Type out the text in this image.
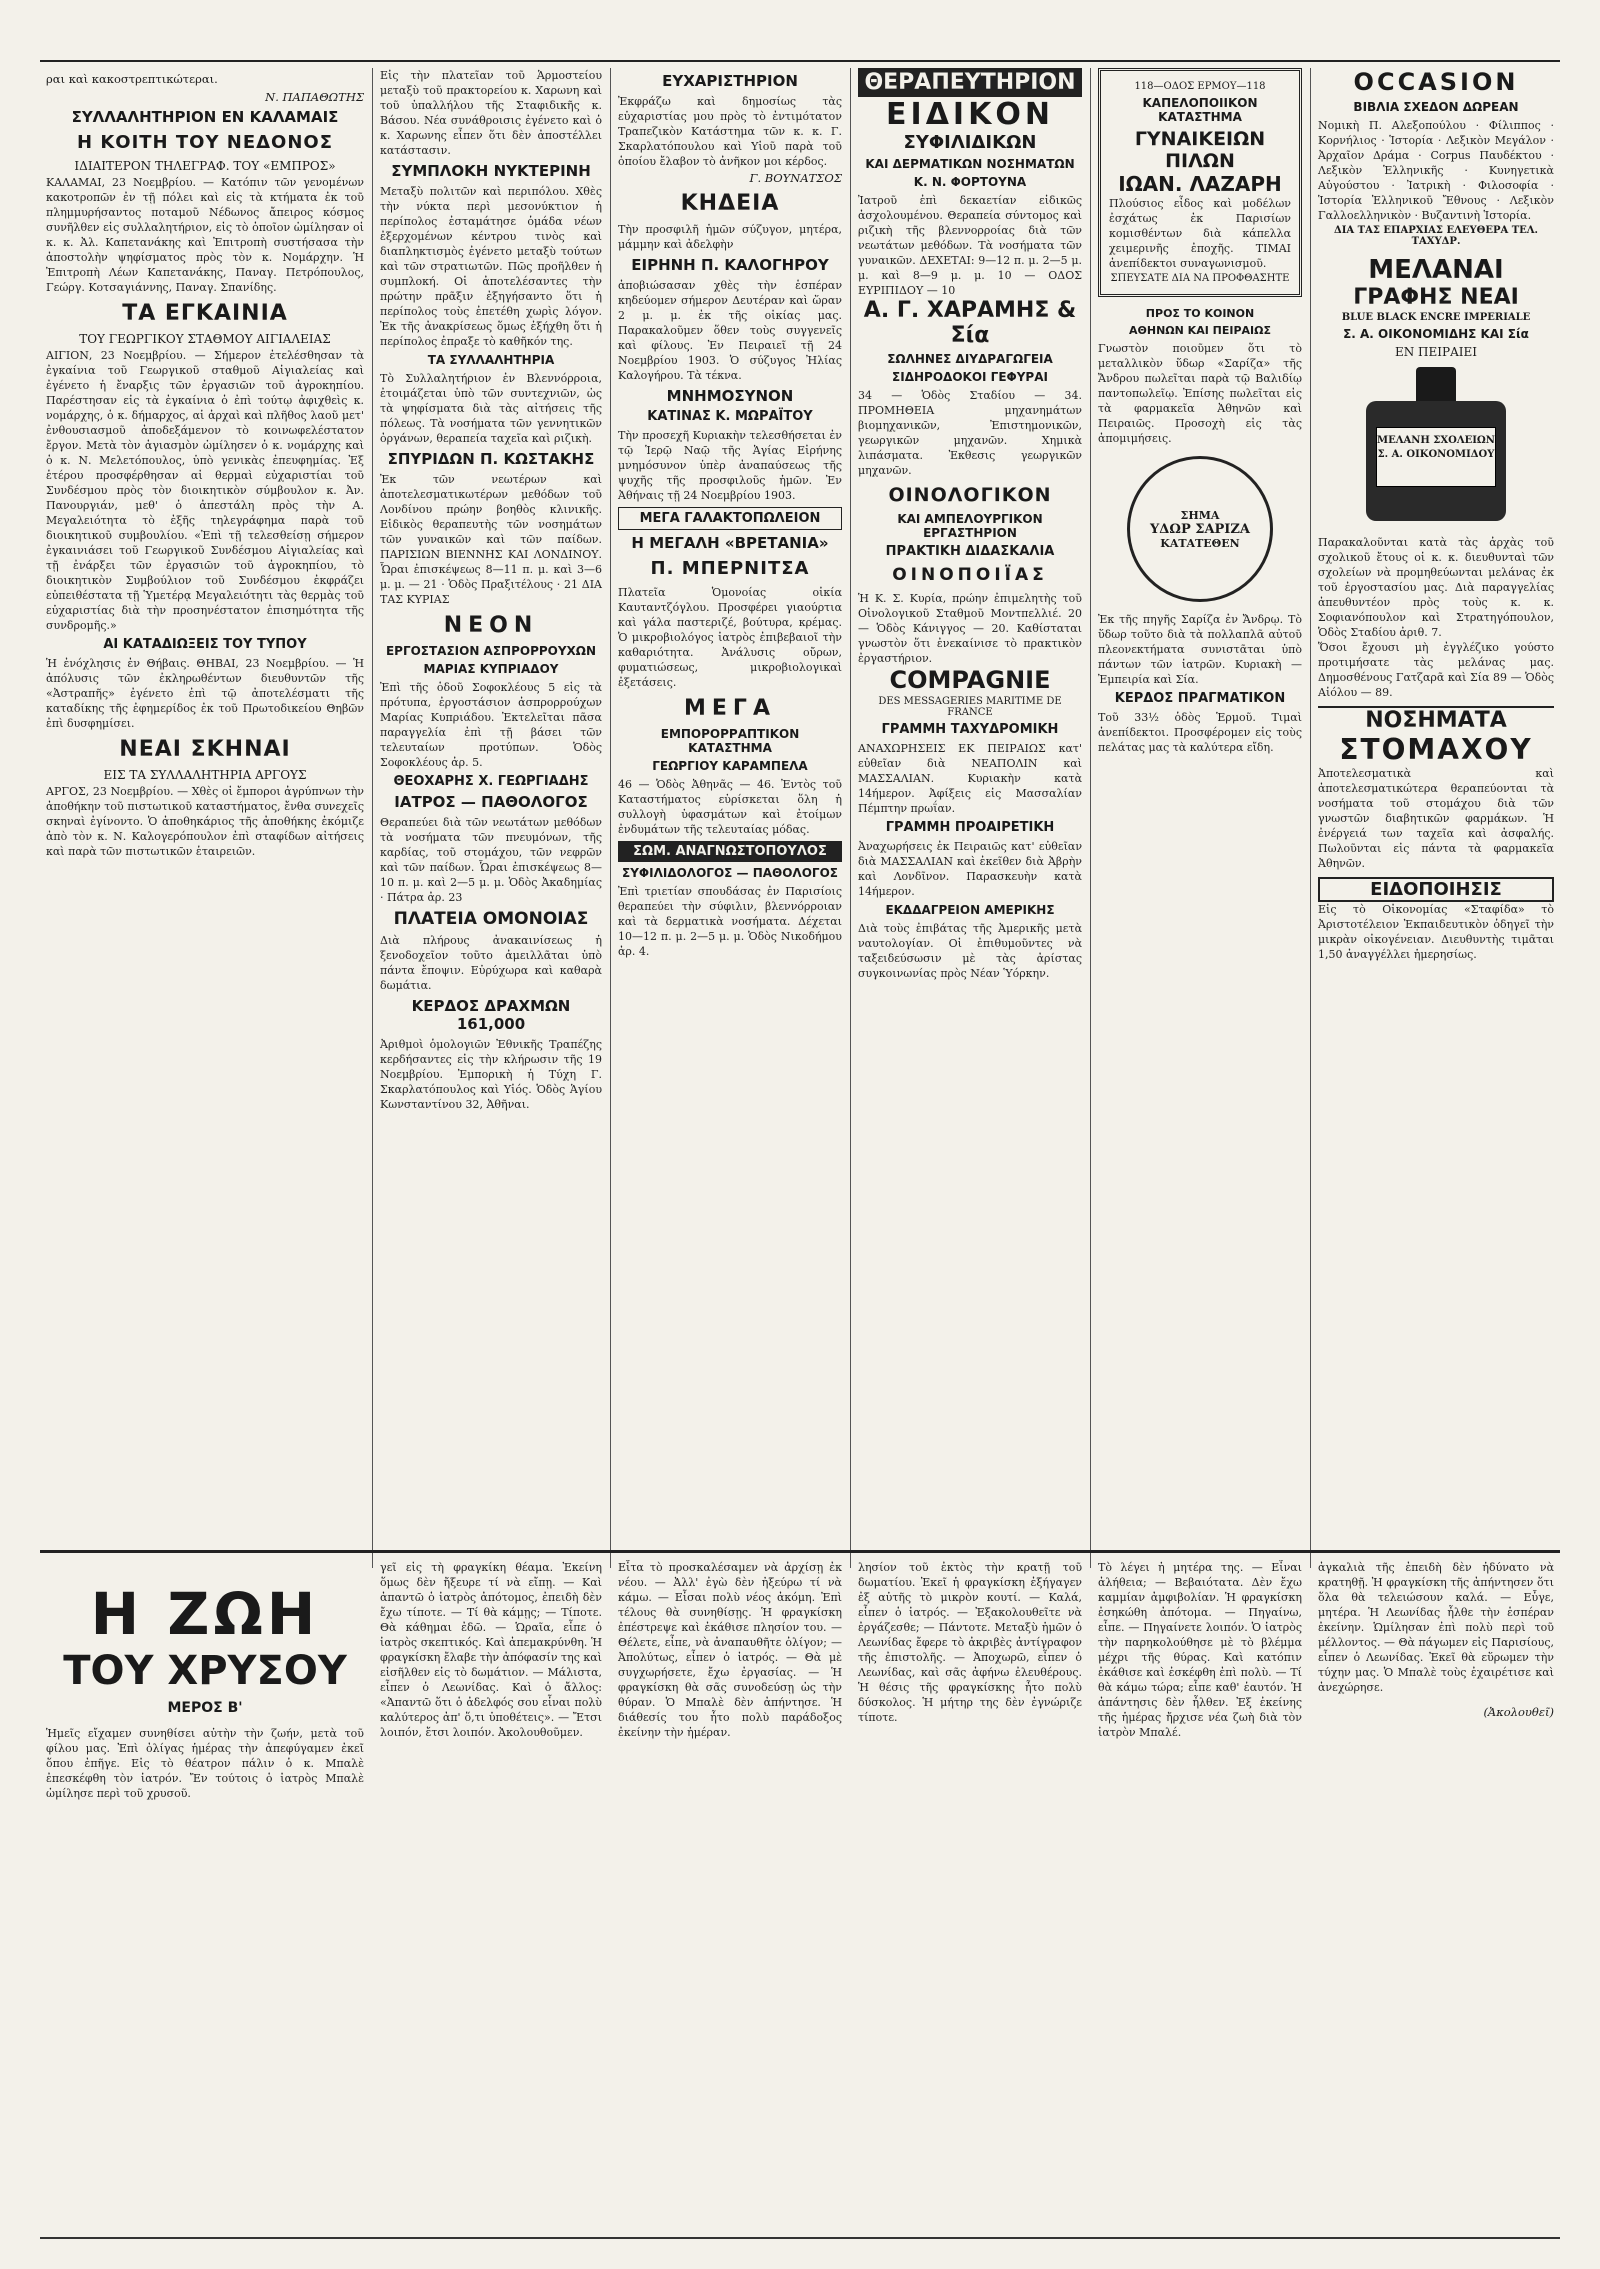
ραι καὶ κακοστρεπτικώτεραι.
Ν. ΠΑΠΑΘΩΤΗΣ
ΣΥΛΛΑΛΗΤΗΡΙΟΝ ΕΝ ΚΑΛΑΜΑΙΣ
Η ΚΟΙΤΗ ΤΟΥ ΝΕΔΟΝΟΣ
ΙΔΙΑΙΤΕΡΟΝ ΤΗΛΕΓΡΑΦ. ΤΟΥ «ΕΜΠΡΟΣ»
ΚΑΛΑΜΑΙ, 23 Νοεμβρίου. — Κατόπιν τῶν γενομένων κακοτροπῶν ἐν τῇ πόλει καὶ εἰς τὰ κτήματα ἐκ τοῦ πλημμυρήσαντος ποταμοῦ Νέδωνος ἄπειρος κόσμος συνῆλθεν εἰς συλλαλητήριον, εἰς τὸ ὁποῖον ὡμίλησαν οἱ κ. κ. Ἀλ. Καπετανάκης καὶ Ἐπιτροπὴ συστήσασα τὴν ἀποστολὴν ψηφίσματος πρὸς τὸν κ. Νομάρχην. Ἡ Ἐπιτροπὴ Λέων Καπετανάκης, Παναγ. Πετρόπουλος, Γεώργ. Κοτσαγιάννης, Παναγ. Σπανίδης.
ΤΑ ΕΓΚΑΙΝΙΑ
ΤΟΥ ΓΕΩΡΓΙΚΟΥ ΣΤΑΘΜΟΥ ΑΙΓΙΑΛΕΙΑΣ
ΑΙΓΙΟΝ, 23 Νοεμβρίου. — Σήμερον ἐτελέσθησαν τὰ ἐγκαίνια τοῦ Γεωργικοῦ σταθμοῦ Αἰγιαλείας καὶ ἐγένετο ἡ ἔναρξις τῶν ἐργασιῶν τοῦ ἀγροκηπίου. Παρέστησαν εἰς τὰ ἐγκαίνια ὁ ἐπὶ τούτῳ ἀφιχθεὶς κ. νομάρχης, ὁ κ. δήμαρχος, αἱ ἀρχαὶ καὶ πλῆθος λαοῦ μετ' ἐνθουσιασμοῦ ἀποδεξάμενον τὸ κοινωφελέστατον ἔργον. Μετὰ τὸν ἁγιασμὸν ὡμίλησεν ὁ κ. νομάρχης καὶ ὁ κ. Ν. Μελετόπουλος, ὑπὸ γενικὰς ἐπευφημίας. Ἐξ ἑτέρου προσφέρθησαν αἱ θερμαὶ εὐχαριστίαι τοῦ Συνδέσμου πρὸς τὸν διοικητικὸν σύμβουλον κ. Ἀν. Πανουργιάν, μεθ' ὁ ἀπεστάλη πρὸς τὴν Α. Μεγαλειότητα τὸ ἐξῆς τηλεγράφημα παρὰ τοῦ διοικητικοῦ συμβουλίου. «Ἐπὶ τῇ τελεσθείσῃ σήμερον ἐγκαινιάσει τοῦ Γεωργικοῦ Συνδέσμου Αἰγιαλείας καὶ τῇ ἐνάρξει τῶν ἐργασιῶν τοῦ ἀγροκηπίου, τὸ διοικητικὸν Συμβούλιον τοῦ Συνδέσμου ἐκφράζει εὐπειθέστατα τῇ Ὑμετέρᾳ Μεγαλειότητι τὰς θερμὰς τοῦ εὐχαριστίας διὰ τὴν προσηνέστατον ἐπισημότητα τῆς συνδρομῆς.»
ΑΙ ΚΑΤΑΔΙΩΞΕΙΣ ΤΟΥ ΤΥΠΟΥ
Ἡ ἐνόχλησις ἐν Θήβαις. ΘΗΒΑΙ, 23 Νοεμβρίου. — Ἡ ἀπόλυσις τῶν ἐκληρωθέντων διευθυντῶν τῆς «Ἀστραπῆς» ἐγένετο ἐπὶ τῷ ἀποτελέσματι τῆς καταδίκης τῆς ἐφημερίδος ἐκ τοῦ Πρωτοδικείου Θηβῶν ἐπὶ δυσφημίσει.
ΝΕΑΙ ΣΚΗΝΑΙ
ΕΙΣ ΤΑ ΣΥΛΛΑΛΗΤΗΡΙΑ ΑΡΓΟΥΣ
ΑΡΓΟΣ, 23 Νοεμβρίου. — Χθὲς οἱ ἔμποροι ἀγρύπνων τὴν ἀποθήκην τοῦ πιστωτικοῦ καταστήματος, ἔνθα συνεχεῖς σκηναὶ ἐγίνοντο. Ὁ ἀποθηκάριος τῆς ἀποθήκης ἐκόμιζε ἀπὸ τὸν κ. Ν. Καλογερόπουλον ἐπὶ σταφίδων αἰτήσεις καὶ παρὰ τῶν πιστωτικῶν ἑταιρειῶν.
Εἰς τὴν πλατεῖαν τοῦ Ἁρμοστείου μεταξὺ τοῦ πρακτορείου κ. Χαρωνη καὶ τοῦ ὑπαλλήλου τῆς Σταφιδικῆς κ. Βάσου. Νέα συνάθροισις ἐγένετο καὶ ὁ κ. Χαρωνης εἶπεν ὅτι δὲν ἀποστέλλει κατάστασιν.
ΣΥΜΠΛΟΚΗ ΝΥΚΤΕΡΙΝΗ
Μεταξὺ πολιτῶν καὶ περιπόλου. Χθὲς τὴν νύκτα περὶ μεσονύκτιον ἡ περίπολος ἐσταμάτησε ὁμάδα νέων ἐξερχομένων κέντρου τινὸς καὶ διαπληκτισμὸς ἐγένετο μεταξὺ τούτων καὶ τῶν στρατιωτῶν. Πῶς προῆλθεν ἡ συμπλοκή. Οἱ ἀποτελέσαντες τὴν πρώτην πρᾶξιν ἐξηγήσαντο ὅτι ἡ περίπολος τοὺς ἐπετέθη χωρὶς λόγον. Ἐκ τῆς ἀνακρίσεως ὅμως ἐξήχθη ὅτι ἡ περίπολος ἐπραξε τὸ καθῆκόν της.
ΤΑ ΣΥΛΛΑΛΗΤΗΡΙΑ
Τὸ Συλλαλητήριον ἐν Βλεννόρροια, ἐτοιμάζεται ὑπὸ τῶν συντεχνιῶν, ὡς τὰ ψηφίσματα διὰ τὰς αἰτήσεις τῆς πόλεως. Τὰ νοσήματα τῶν γεννητικῶν ὀργάνων, θεραπεία ταχεῖα καὶ ριζικὴ.
ΣΠΥΡΙΔΩΝ Π. ΚΩΣΤΑΚΗΣ
Ἐκ τῶν νεωτέρων καὶ ἀποτελεσματικωτέρων μεθόδων τοῦ Λονδίνου πρώην βοηθὸς κλινικῆς. Εἰδικὸς θεραπευτὴς τῶν νοσημάτων τῶν γυναικῶν καὶ τῶν παίδων. ΠΑΡΙΣΙΩΝ ΒΙΕΝΝΗΣ ΚΑΙ ΛΟΝΔΙΝΟΥ. Ὧραι ἐπισκέψεως 8—11 π. μ. καὶ 3—6 μ. μ. — 21 · Ὁδὸς Πραξιτέλους · 21 ΔΙΑ ΤΑΣ ΚΥΡΙΑΣ
ΝΕΟΝ
ΕΡΓΟΣΤΑΣΙΟΝ ΑΣΠΡΟΡΡΟΥΧΩΝ
ΜΑΡΙΑΣ ΚΥΠΡΙΑΔΟΥ
Ἐπὶ τῆς ὁδοῦ Σοφοκλέους 5 εἰς τὰ πρότυπα, ἐργοστάσιον ἀσπρορρούχων Μαρίας Κυπριάδου. Ἐκτελεῖται πᾶσα παραγγελία ἐπὶ τῇ βάσει τῶν τελευταίων προτύπων. Ὁδὸς Σοφοκλέους ἀρ. 5.
ΘΕΟΧΑΡΗΣ Χ. ΓΕΩΡΓΙΑΔΗΣ
ΙΑΤΡΟΣ — ΠΑΘΟΛΟΓΟΣ
Θεραπεύει διὰ τῶν νεωτάτων μεθόδων τὰ νοσήματα τῶν πνευμόνων, τῆς καρδίας, τοῦ στομάχου, τῶν νεφρῶν καὶ τῶν παίδων. Ὧραι ἐπισκέψεως 8—10 π. μ. καὶ 2—5 μ. μ. Ὁδὸς Ἀκαδημίας · Πάτρα ἀρ. 23
ΠΛΑΤΕΙΑ ΟΜΟΝΟΙΑΣ
Διὰ πλήρους ἀνακαινίσεως ἡ ξενοδοχεῖον τοῦτο ἀμειλλᾶται ὑπὸ πάντα ἔποψιν. Εὐρύχωρα καὶ καθαρὰ δωμάτια.
ΚΕΡΔΟΣ ΔΡΑΧΜΩΝ 161,000
Ἀριθμοὶ ὁμολογιῶν Ἐθνικῆς Τραπέζης κερδήσαντες εἰς τὴν κλήρωσιν τῆς 19 Νοεμβρίου. Ἐμπορικὴ ἡ Τύχη Γ. Σκαρλατόπουλος καὶ Υἱός. Ὁδὸς Ἁγίου Κωνσταντίνου 32, Ἀθῆναι.
ΕΥΧΑΡΙΣΤΗΡΙΟΝ
Ἐκφράζω καὶ δημοσίως τὰς εὐχαριστίας μου πρὸς τὸ ἐντιμότατον Τραπεζικὸν Κατάστημα τῶν κ. κ. Γ. Σκαρλατόπουλου καὶ Υἱοῦ παρὰ τοῦ ὁποίου ἔλαβον τὸ ἀνῆκον μοι κέρδος.
Γ. ΒΟΥΝΑΤΣΟΣ
ΚΗΔΕΙΑ
Τὴν προσφιλῆ ἡμῶν σύζυγον, μητέρα, μάμμην καὶ ἀδελφὴν
ΕΙΡΗΝΗ Π. ΚΑΛΟΓΗΡΟΥ
ἀποβιώσασαν χθὲς τὴν ἑσπέραν κηδεύομεν σήμερον Δευτέραν καὶ ὥραν 2 μ. μ. ἐκ τῆς οἰκίας μας. Παρακαλοῦμεν ὅθεν τοὺς συγγενεῖς καὶ φίλους. Ἐν Πειραιεῖ τῇ 24 Νοεμβρίου 1903. Ὁ σύζυγος Ἠλίας Καλογήρου. Τὰ τέκνα.
ΜΝΗΜΟΣΥΝΟΝ
ΚΑΤΙΝΑΣ Κ. ΜΩΡΑΪΤΟΥ
Τὴν προσεχῆ Κυριακὴν τελεσθήσεται ἐν τῷ Ἱερῷ Ναῷ τῆς Ἁγίας Εἰρήνης μνημόσυνον ὑπὲρ ἀναπαύσεως τῆς ψυχῆς τῆς προσφιλοῦς ἡμῶν. Ἐν Ἀθήναις τῇ 24 Νοεμβρίου 1903.
ΜΕΓΑ ΓΑΛΑΚΤΟΠΩΛΕΙΟΝ
Η ΜΕΓΑΛΗ «ΒΡΕΤΑΝΙΑ»
Π. ΜΠΕΡΝΙΤΣΑ
Πλατεῖα Ὁμονοίας οἰκία Καυταντζόγλου. Προσφέρει γιαούρτια καὶ γάλα παστεριζέ, βούτυρα, κρέμας. Ὁ μικροβιολόγος ἰατρὸς ἐπιβεβαιοῖ τὴν καθαριότητα. Ἀνάλυσις οὔρων, φυματιώσεως, μικροβιολογικαὶ ἐξετάσεις.
ΜΕΓΑ
ΕΜΠΟΡΟΡΡΑΠΤΙΚΟΝ ΚΑΤΑΣΤΗΜΑ
ΓΕΩΡΓΙΟΥ ΚΑΡΑΜΠΕΛΑ
46 — Ὁδὸς Ἀθηνᾶς — 46. Ἐντὸς τοῦ Καταστήματος εὑρίσκεται ὅλη ἡ συλλογὴ ὑφασμάτων καὶ ἐτοίμων ἐνδυμάτων τῆς τελευταίας μόδας.
ΣΩΜ. ΑΝΑΓΝΩΣΤΟΠΟΥΛΟΣ
ΣΥΦΙΛΙΔΟΛΟΓΟΣ — ΠΑΘΟΛΟΓΟΣ
Ἐπὶ τριετίαν σπουδάσας ἐν Παρισίοις θεραπεύει τὴν σύφιλιν, βλεννόρροιαν καὶ τὰ δερματικὰ νοσήματα. Δέχεται 10—12 π. μ. 2—5 μ. μ. Ὁδὸς Νικοδήμου ἀρ. 4.
ΘΕΡΑΠΕΥΤΗΡΙΟΝ
ΕΙΔΙΚΟΝ
ΣΥΦΙΛΙΔΙΚΩΝ
ΚΑΙ ΔΕΡΜΑΤΙΚΩΝ ΝΟΣΗΜΑΤΩΝ
Κ. Ν. ΦΟΡΤΟΥΝΑ
Ἰατροῦ ἐπὶ δεκαετίαν εἰδικῶς ἀσχολουμένου. Θεραπεία σύντομος καὶ ριζικὴ τῆς βλεννορροίας διὰ τῶν νεωτάτων μεθόδων. Τὰ νοσήματα τῶν γυναικῶν. ΔΕΧΕΤΑΙ: 9—12 π. μ. 2—5 μ. μ. καὶ 8—9 μ. μ. 10 — ΟΔΟΣ ΕΥΡΙΠΙΔΟΥ — 10
Α. Γ. ΧΑΡΑΜΗΣ & Σία
ΣΩΛΗΝΕΣ ΔΙΥΔΡΑΓΩΓΕΙΑ
ΣΙΔΗΡΟΔΟΚΟΙ ΓΕΦΥΡΑΙ
34 — Ὁδὸς Σταδίου — 34. ΠΡΟΜΗΘΕΙΑ μηχανημάτων βιομηχανικῶν, Ἐπιστημονικῶν, γεωργικῶν μηχανῶν. Χημικὰ λιπάσματα. Ἐκθεσις γεωργικῶν μηχανῶν.
ΟΙΝΟΛΟΓΙΚΟΝ
ΚΑΙ ΑΜΠΕΛΟΥΡΓΙΚΟΝ ΕΡΓΑΣΤΗΡΙΟΝ
ΠΡΑΚΤΙΚΗ ΔΙΔΑΣΚΑΛΙΑ
ΟΙΝΟΠΟΙΪΑΣ
Ἡ Κ. Σ. Κυρία, πρώην ἐπιμελητὴς τοῦ Οἰνολογικοῦ Σταθμοῦ Μοντπελλιέ. 20 — Ὁδὸς Κάνιγγος — 20. Καθίσταται γνωστὸν ὅτι ἐνεκαίνισε τὸ πρακτικὸν ἐργαστήριον.
COMPAGNIE
DES MESSAGERIES MARITIME DE FRANCE
ΓΡΑΜΜΗ ΤΑΧΥΔΡΟΜΙΚΗ
ΑΝΑΧΩΡΗΣΕΙΣ ΕΚ ΠΕΙΡΑΙΩΣ κατ' εὐθεῖαν διὰ ΝΕΑΠΟΛΙΝ καὶ ΜΑΣΣΑΛΙΑΝ. Κυριακὴν κατὰ 14ήμερον. Ἀφίξεις εἰς Μασσαλίαν Πέμπτην πρωΐαν.
ΓΡΑΜΜΗ ΠΡΟΑΙΡΕΤΙΚΗ
Ἀναχωρήσεις ἐκ Πειραιῶς κατ' εὐθεῖαν διὰ ΜΑΣΣΑΛΙΑΝ καὶ ἐκεῖθεν διὰ Ἀβρὴν καὶ Λονδῖνον. Παρασκευὴν κατὰ 14ήμερον.
ΕΚΔΔΑΓΡΕΙΟΝ ΑΜΕΡΙΚΗΣ
Διὰ τοὺς ἐπιβάτας τῆς Ἀμερικῆς μετὰ ναυτολογίαν. Οἱ ἐπιθυμοῦντες νὰ ταξειδεύσωσιν μὲ τὰς ἀρίστας συγκοινωνίας πρὸς Νέαν Ὑόρκην.
118—ΟΔΟΣ ΕΡΜΟΥ—118
ΚΑΠΕΛΟΠΟΙΙΚΟΝ ΚΑΤΑΣΤΗΜΑ
ΓΥΝΑΙΚΕΙΩΝ ΠΙΛΩΝ
ΙΩΑΝ. ΛΑΖΑΡΗ
Πλούσιος εἶδος καὶ μοδέλων ἐσχάτως ἐκ Παρισίων κομισθέντων διὰ κάπελλα χειμερινῆς ἐποχῆς. ΤΙΜΑΙ ἀνεπίδεκτοι συναγωνισμοῦ.
ΣΠΕΥΣΑΤΕ ΔΙΑ ΝΑ ΠΡΟΦΘΑΣΗΤΕ
ΠΡΟΣ ΤΟ ΚΟΙΝΟΝ
ΑΘΗΝΩΝ ΚΑΙ ΠΕΙΡΑΙΩΣ
Γνωστὸν ποιοῦμεν ὅτι τὸ μεταλλικὸν ὕδωρ «Σαρίζα» τῆς Ἄνδρου πωλεῖται παρὰ τῷ Βαλιδίῳ παντοπωλεῖῳ. Ἐπίσης πωλεῖται εἰς τὰ φαρμακεῖα Ἀθηνῶν καὶ Πειραιῶς. Προσοχὴ εἰς τὰς ἀπομιμήσεις.
ΣΗΜΑ
ΥΔΩΡ ΣΑΡΙΖΑ
ΚΑΤΑΤΕΘΕΝ
Ἐκ τῆς πηγῆς Σαρίζα ἐν Ἄνδρῳ. Τὸ ὕδωρ τοῦτο διὰ τὰ πολλαπλᾶ αὐτοῦ πλεονεκτήματα συνιστᾶται ὑπὸ πάντων τῶν ἰατρῶν. Κυριακὴ — Ἐμπειρία καὶ Σία.
ΚΕΡΔΟΣ ΠΡΑΓΜΑΤΙΚΟΝ
Τοῦ 33½ ὁδὸς Ἑρμοῦ. Τιμαὶ ἀνεπίδεκτοι. Προσφέρομεν εἰς τοὺς πελάτας μας τὰ καλύτερα εἴδη.
OCCASION
ΒΙΒΛΙΑ ΣΧΕΔΟΝ ΔΩΡΕΑΝ
Νομικὴ Π. Αλεξοπούλου · Φίλιππος · Κορνήλιος · Ἱστορία · Λεξικὸν Μεγάλον · Ἀρχαῖον Δράμα · Corpus Παυδέκτου · Λεξικὸν Ἑλληνικῆς · Κυνηγετικὰ Αὐγούστου · Ἰατρικὴ · Φιλοσοφία · Ἱστορία Ἑλληνικοῦ Ἔθνους · Λεξικὸν Γαλλοελληνικὸν · Βυζαντινὴ Ἱστορία.
ΔΙΑ ΤΑΣ ΕΠΑΡΧΙΑΣ ΕΛΕΥΘΕΡΑ ΤΕΛ. ΤΑΧΥΔΡ.
ΜΕΛΑΝΑΙ
ΓΡΑΦΗΣ ΝΕΑΙ
BLUE BLACK ENCRE IMPERIALE
Σ. Α. ΟΙΚΟΝΟΜΙΔΗΣ ΚΑΙ Σία
ΕΝ ΠΕΙΡΑΙΕΙ
ΜΕΛΑΝΗ ΣΧΟΛΕΙΩΝ
Σ. Α. ΟΙΚΟΝΟΜΙΔΟΥ
Παρακαλοῦνται κατὰ τὰς ἀρχὰς τοῦ σχολικοῦ ἔτους οἱ κ. κ. διευθυνταὶ τῶν σχολείων νὰ προμηθεύωνται μελάνας ἐκ τοῦ ἐργοστασίου μας. Διὰ παραγγελίας ἀπευθυντέον πρὸς τοὺς κ. κ. Σοφιανόπουλον καὶ Στρατηγόπουλον, Ὁδὸς Σταδίου ἀριθ. 7.
Ὅσοι ἔχουσι μὴ ἐγγλέζικο γούστο προτιμήσατε τὰς μελάνας μας. Δημοσθένους Γατζαρᾶ καὶ Σία 89 — Ὁδὸς Αἰόλου — 89.
ΝΟΣΗΜΑΤΑ
ΣΤΟΜΑΧΟΥ
Ἀποτελεσματικὰ καὶ ἀποτελεσματικώτερα θεραπεύονται τὰ νοσήματα τοῦ στομάχου διὰ τῶν γνωστῶν διαβητικῶν φαρμάκων. Ἡ ἐνέργειά των ταχεῖα καὶ ἀσφαλής. Πωλοῦνται εἰς πάντα τὰ φαρμακεῖα Ἀθηνῶν.
ΕΙΔΟΠΟΙΗΣΙΣ
Εἰς τὸ Οἰκονομίας «Σταφίδα» τὸ Ἀριστοτέλειον Ἐκπαιδευτικὸν ὁδηγεῖ τὴν μικρὰν οἰκογένειαν. Διευθυντὴς τιμᾶται 1,50 ἀναγγέλλει ἡμερησίως.
Η ΖΩΗ
ΤΟΥ ΧΡΥΣΟΥ
ΜΕΡΟΣ Β'
Ἡμεῖς εἴχαμεν συνηθίσει αὐτὴν τὴν ζωήν, μετὰ τοῦ φίλου μας. Ἐπὶ ὀλίγας ἡμέρας τὴν ἀπεφύγαμεν ἐκεῖ ὅπου ἐπῆγε. Εἰς τὸ θέατρον πάλιν ὁ κ. Μπαλὲ ἐπεσκέφθη τὸν ἰατρόν. Ἔν τούτοις ὁ ἰατρὸς Μπαλὲ ὡμίλησε περὶ τοῦ χρυσοῦ.
γεῖ εἰς τὴ φραγκίκη θέαμα. Ἐκείνη ὅμως δὲν ἤξευρε τί νὰ εἴπῃ. — Καὶ ἀπαντῶ ὁ ἰατρὸς ἀπότομος, ἐπειδὴ δὲν ἔχω τίποτε. — Τί θὰ κάμῃς; — Τίποτε. Θὰ κάθημαι ἐδῶ. — Ὡραῖα, εἶπε ὁ ἰατρὸς σκεπτικός. Καὶ ἀπεμακρύνθη. Ἡ φραγκίσκη ἔλαβε τὴν ἀπόφασίν της καὶ εἰσῆλθεν εἰς τὸ δωμάτιον. — Μάλιστα, εἶπεν ὁ Λεωνίδας. Καὶ ὁ ἄλλος: «Ἀπαντῶ ὅτι ὁ ἀδελφός σου εἶναι πολὺ καλύτερος ἀπ' ὅ,τι ὑποθέτεις». — Ἔτσι λοιπόν, ἔτσι λοιπόν. Ἀκολουθοῦμεν.
Εἶτα τὸ προσκαλέσαμεν νὰ ἀρχίσῃ ἐκ νέου. — Ἀλλ' ἐγὼ δὲν ἠξεύρω τί νὰ κάμω. — Εἶσαι πολὺ νέος ἀκόμη. Ἐπὶ τέλους θὰ συνηθίσῃς. Ἡ φραγκίσκη ἐπέστρεψε καὶ ἐκάθισε πλησίον του. — Θέλετε, εἶπε, νὰ ἀναπαυθῆτε ὀλίγον; — Ἀπολύτως, εἶπεν ὁ ἰατρός. — Θὰ μὲ συγχωρήσετε, ἔχω ἐργασίας. — Ἡ φραγκίσκη θὰ σᾶς συνοδεύσῃ ὡς τὴν θύραν. Ὁ Μπαλὲ δὲν ἀπήντησε. Ἡ διάθεσίς του ἦτο πολὺ παράδοξος ἐκείνην τὴν ἡμέραν.
λησίον τοῦ ἐκτὸς τὴν κρατῇ τοῦ δωματίου. Ἐκεῖ ἡ φραγκίσκη ἐξήγαγεν ἐξ αὐτῆς τὸ μικρὸν κουτί. — Καλά, εἶπεν ὁ ἰατρός. — Ἐξακολουθεῖτε νὰ ἐργάζεσθε; — Πάντοτε. Μεταξὺ ἡμῶν ὁ Λεωνίδας ἔφερε τὸ ἀκριβὲς ἀντίγραφον τῆς ἐπιστολῆς. — Ἀποχωρῶ, εἶπεν ὁ Λεωνίδας, καὶ σᾶς ἀφήνω ἐλευθέρους. Ἡ θέσις τῆς φραγκίσκης ἦτο πολὺ δύσκολος. Ἡ μήτηρ της δὲν ἐγνώριζε τίποτε.
Τὸ λέγει ἡ μητέρα της. — Εἶναι ἀλήθεια; — Βεβαιότατα. Δὲν ἔχω καμμίαν ἀμφιβολίαν. Ἡ φραγκίσκη ἐσηκώθη ἀπότομα. — Πηγαίνω, εἶπε. — Πηγαίνετε λοιπόν. Ὁ ἰατρὸς τὴν παρηκολούθησε μὲ τὸ βλέμμα μέχρι τῆς θύρας. Καὶ κατόπιν ἐκάθισε καὶ ἐσκέφθη ἐπὶ πολὺ. — Τί θὰ κάμω τώρα; εἶπε καθ' ἑαυτόν. Ἡ ἀπάντησις δὲν ἦλθεν. Ἐξ ἐκείνης τῆς ἡμέρας ἤρχισε νέα ζωὴ διὰ τὸν ἰατρὸν Μπαλέ.
ἀγκαλιὰ τῆς ἐπειδὴ δὲν ἠδύνατο νὰ κρατηθῇ. Ἡ φραγκίσκη τῆς ἀπήντησεν ὅτι ὅλα θὰ τελειώσουν καλά. — Εὖγε, μητέρα. Ἡ Λεωνίδας ἦλθε τὴν ἑσπέραν ἐκείνην. Ὡμίλησαν ἐπὶ πολὺ περὶ τοῦ μέλλοντος. — Θὰ πάγωμεν εἰς Παρισίους, εἶπεν ὁ Λεωνίδας. Ἐκεῖ θὰ εὕρωμεν τὴν τύχην μας. Ὁ Μπαλὲ τοὺς ἐχαιρέτισε καὶ ἀνεχώρησε.
(Ἀκολουθεῖ)
